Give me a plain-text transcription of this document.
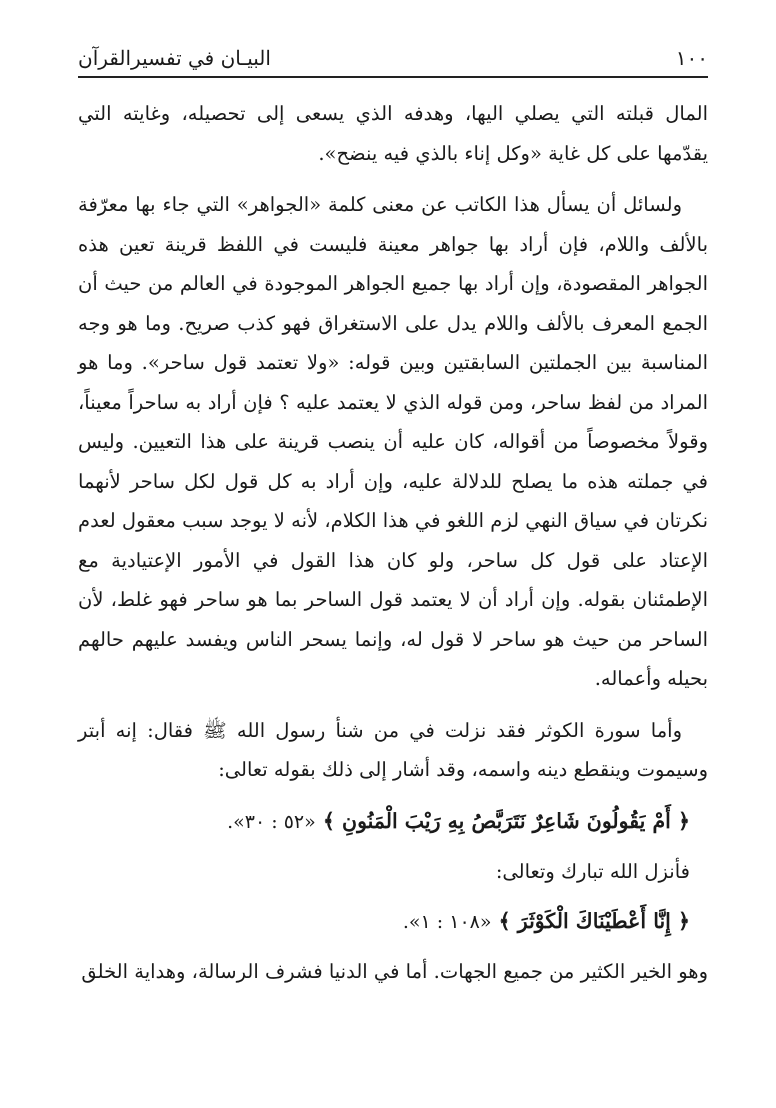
١٠٠
البيـان في تفسيرالقرآن

المال قبلته التي يصلي اليها، وهدفه الذي يسعى إلى تحصيله، وغايته التي يقدّمها على كل غاية «وكل إناء بالذي فيه ينضح».

ولسائل أن يسأل هذا الكاتب عن معنى كلمة «الجواهر» التي جاء بها معرّفة بالألف واللام، فإن أراد بها جواهر معينة فليست في اللفظ قرينة تعين هذه الجواهر المقصودة، وإن أراد بها جميع الجواهر الموجودة في العالم من حيث أن الجمع المعرف بالألف واللام يدل على الاستغراق فهو كذب صريح. وما هو وجه المناسبة بين الجملتين السابقتين وبين قوله: «ولا تعتمد قول ساحر». وما هو المراد من لفظ ساحر، ومن قوله الذي لا يعتمد عليه ؟ فإن أراد به ساحراً معيناً، وقولاً مخصوصاً من أقواله، كان عليه أن ينصب قرينة على هذا التعيين. وليس في جملته هذه ما يصلح للدلالة عليه، وإن أراد به كل قول لكل ساحر لأنهما نكرتان في سياق النهي لزم اللغو في هذا الكلام، لأنه لا يوجد سبب معقول لعدم الإعتاد على قول كل ساحر، ولو كان هذا القول في الأمور الإعتيادية مع الإطمئنان بقوله. وإن أراد أن لا يعتمد قول الساحر بما هو ساحر فهو غلط، لأن الساحر من حيث هو ساحر لا قول له، وإنما يسحر الناس ويفسد عليهم حالهم بحيله وأعماله.

وأما سورة الكوثر فقد نزلت في من شنأ رسول الله ﷺ فقال: إنه أبتر وسيموت وينقطع دينه واسمه، وقد أشار إلى ذلك بقوله تعالى:

﴿ أَمْ يَقُولُونَ شَاعِرٌ نَتَرَبَّصُ بِهِ رَيْبَ الْمَنُونِ ﴾ «٥٢ : ٣٠».

فأنزل الله تبارك وتعالى:

﴿ إِنَّا أَعْطَيْنَاكَ الْكَوْثَرَ ﴾ «١٠٨ : ١».

وهو الخير الكثير من جميع الجهات. أما في الدنيا فشرف الرسالة، وهداية الخلق
